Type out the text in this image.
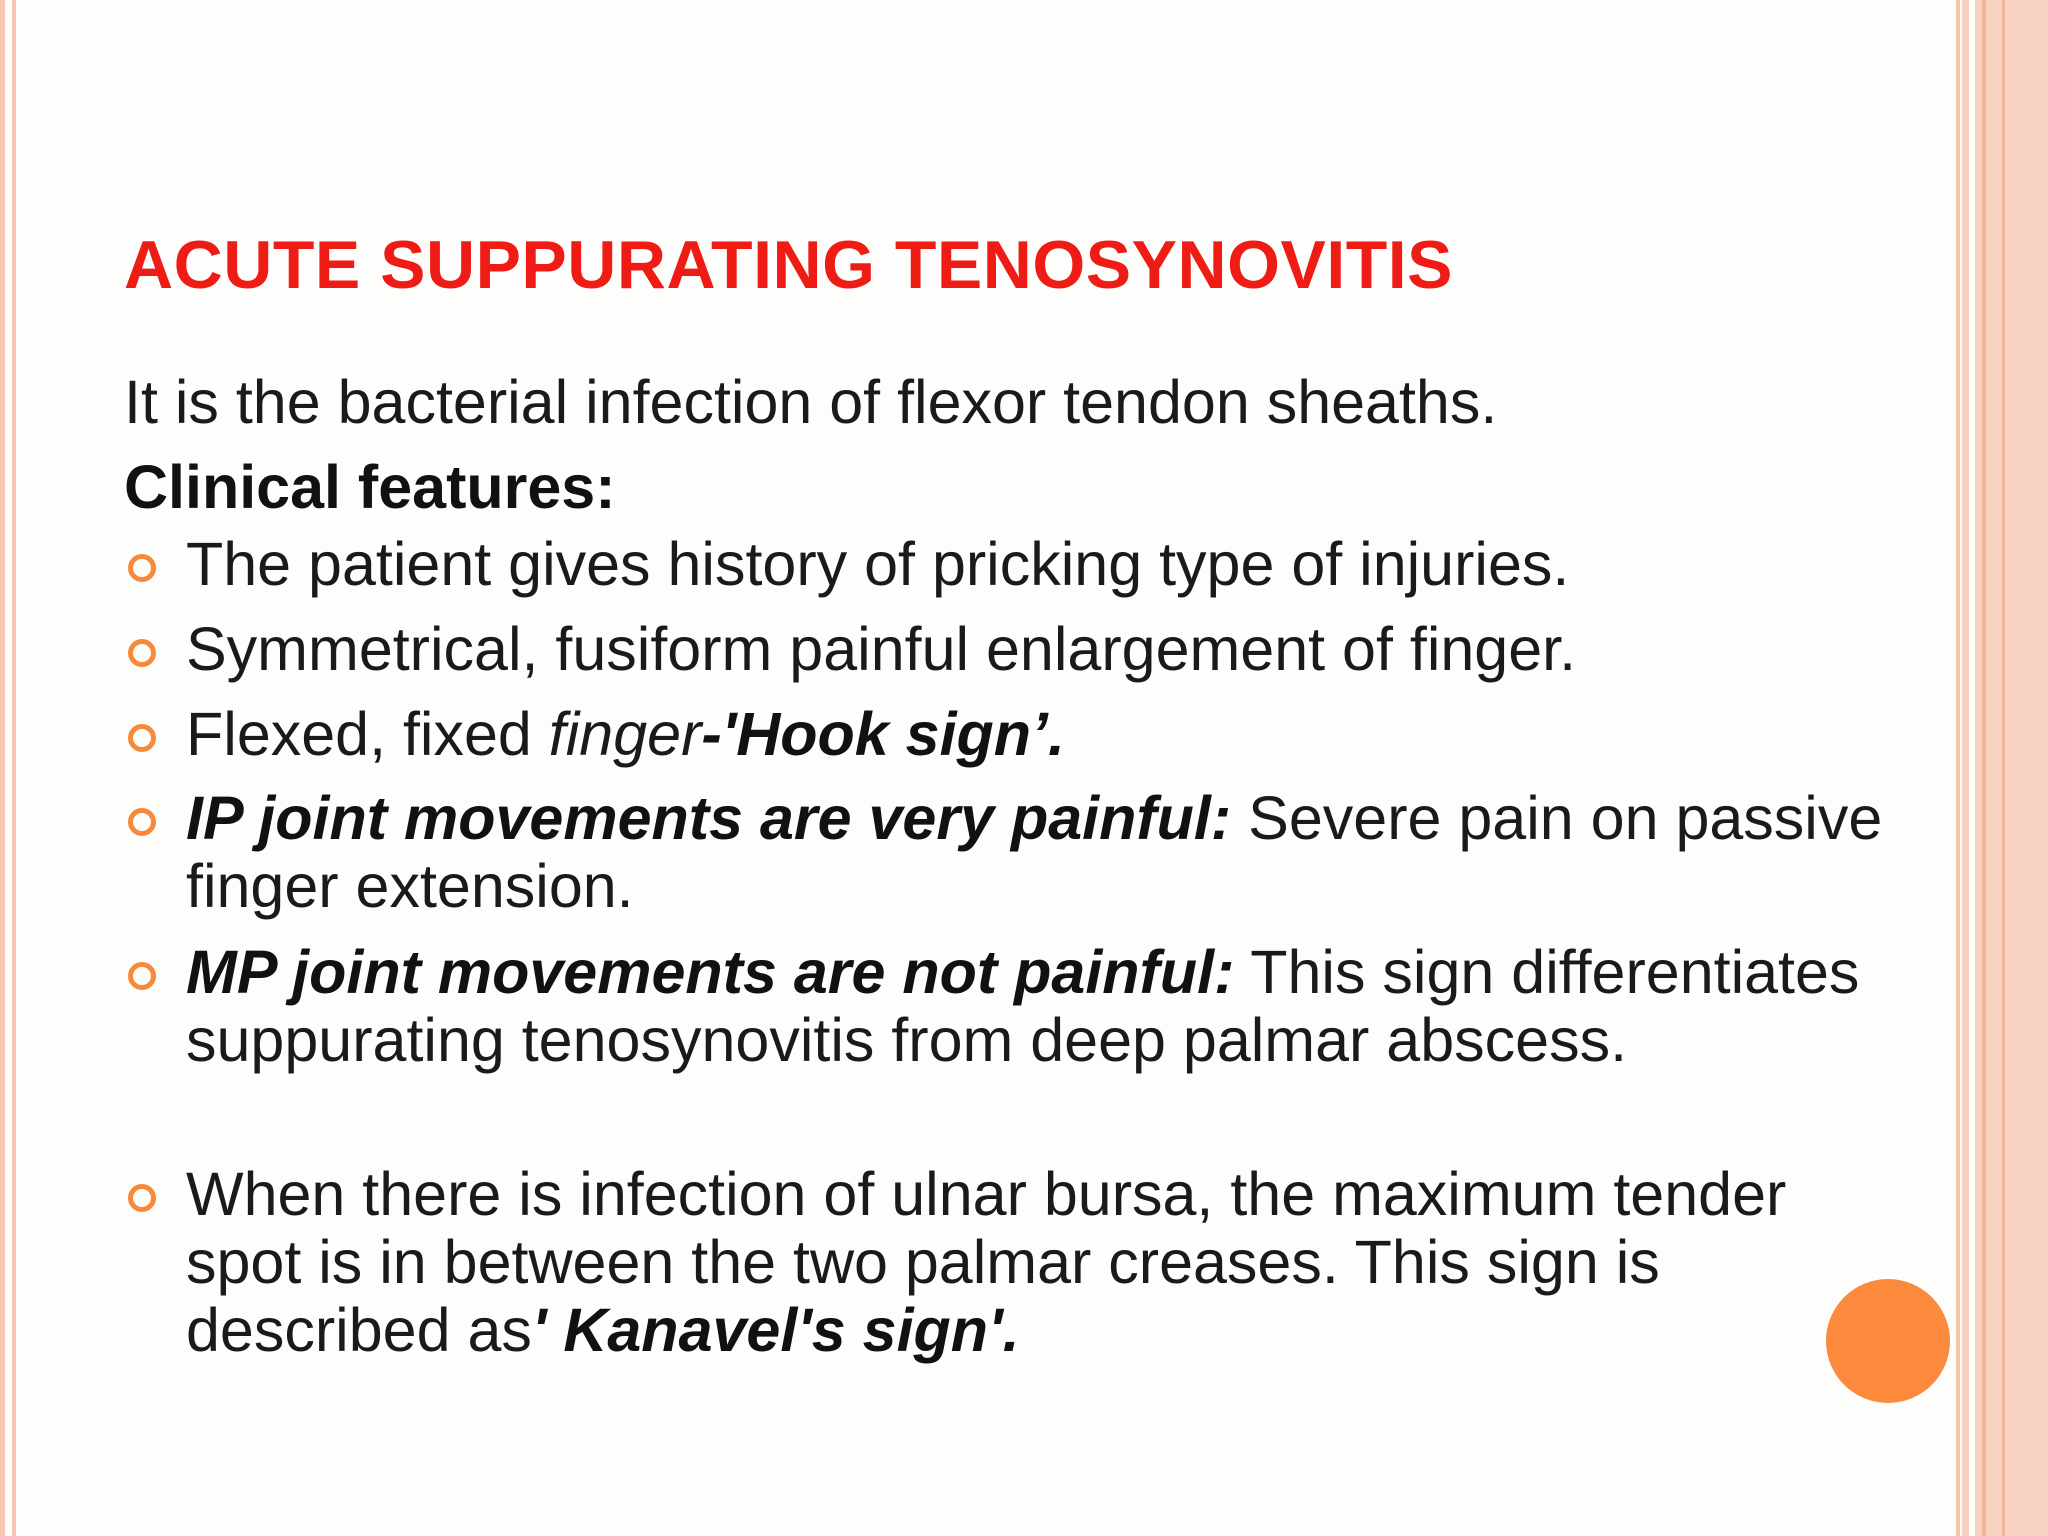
ACUTE SUPPURATING TENOSYNOVITIS
It is the bacterial infection of flexor tendon sheaths.
Clinical features:
The patient gives history of pricking type of injuries.
Symmetrical, fusiform painful enlargement of finger.
Flexed, fixed finger-'Hook sign’.
IP joint movements are very painful: Severe pain on passive finger extension.
MP joint movements are not painful: This sign differentiates suppurating tenosynovitis from deep palmar abscess.
When there is infection of ulnar bursa, the maximum tender spot is in between the two palmar creases. This sign is described as' Kanavel's sign'.
